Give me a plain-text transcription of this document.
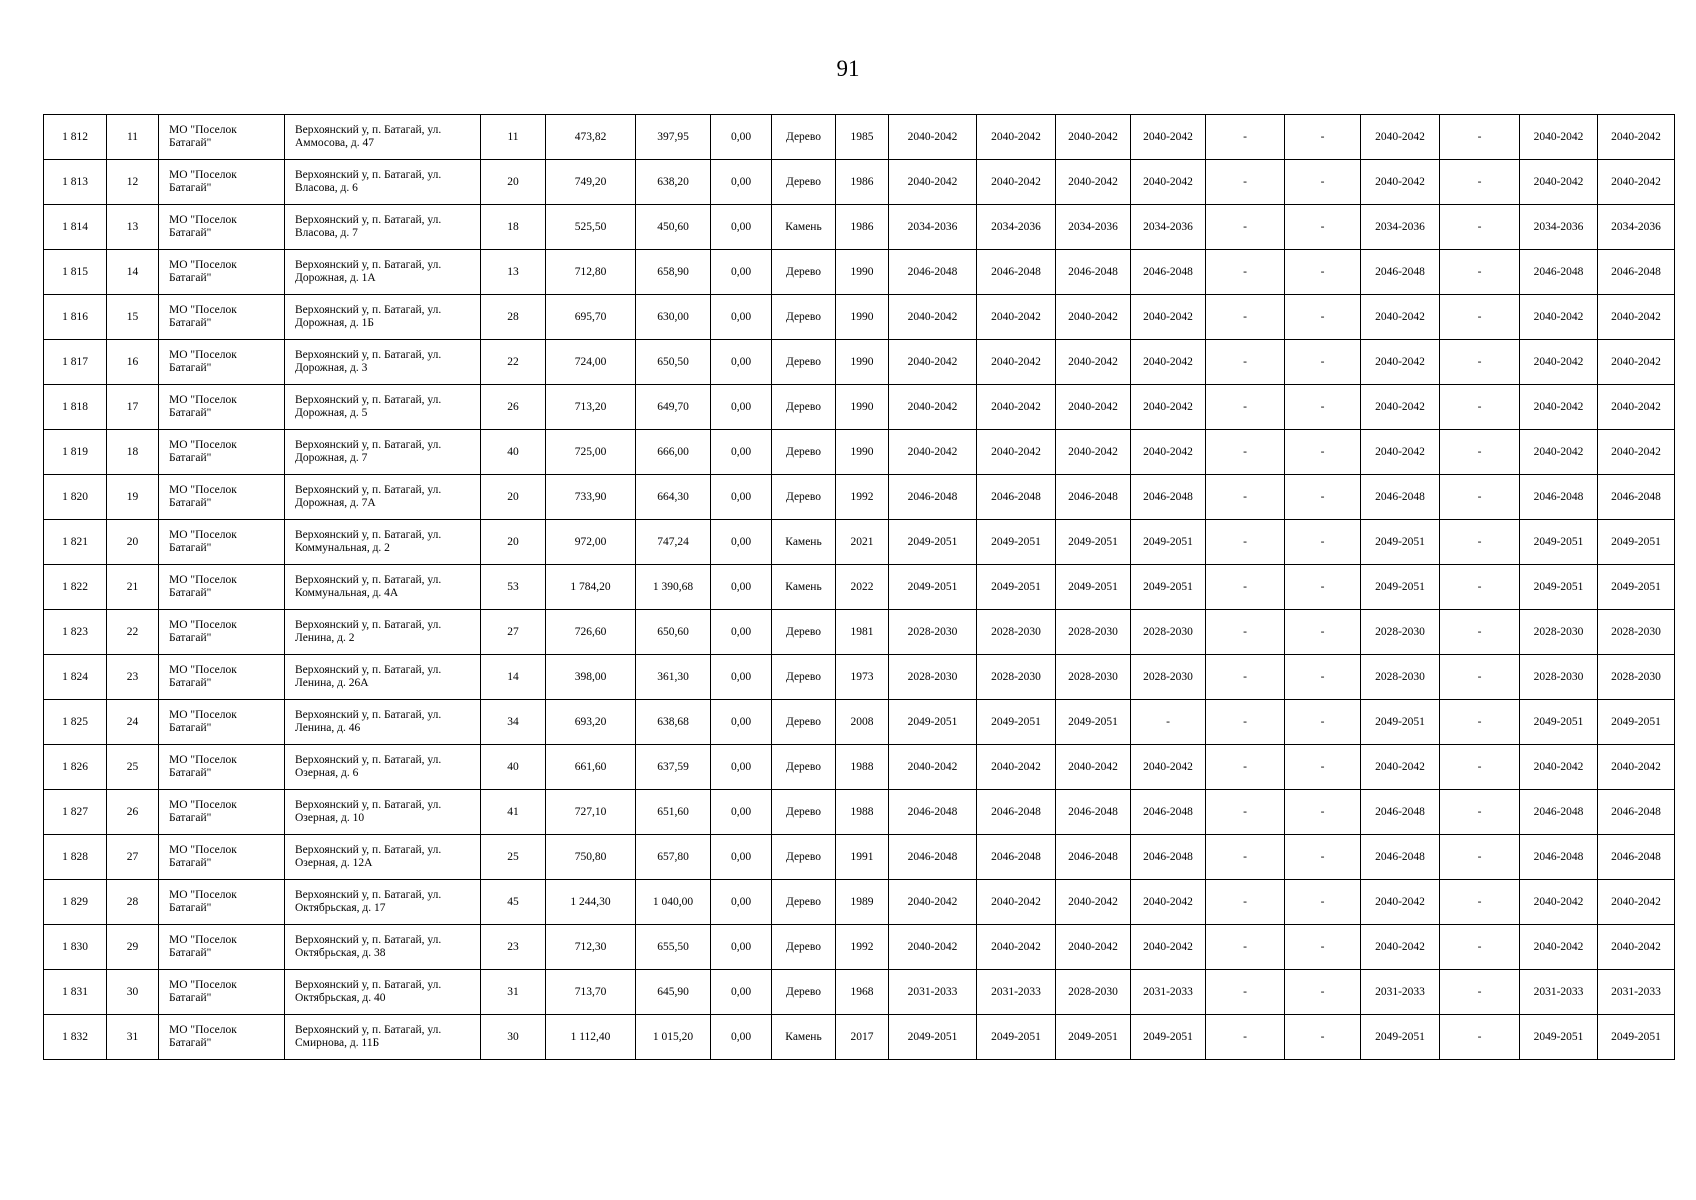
91
1 812	11	МО "Поселок Батагай"	Верхоянский у, п. Батагай, ул. Аммосова, д. 47	11	473,82	397,95	0,00	Дерево	1985	2040-2042	2040-2042	2040-2042	2040-2042	-	-	2040-2042	-	2040-2042	2040-2042
1 813	12	МО "Поселок Батагай"	Верхоянский у, п. Батагай, ул. Власова, д. 6	20	749,20	638,20	0,00	Дерево	1986	2040-2042	2040-2042	2040-2042	2040-2042	-	-	2040-2042	-	2040-2042	2040-2042
1 814	13	МО "Поселок Батагай"	Верхоянский у, п. Батагай, ул. Власова, д. 7	18	525,50	450,60	0,00	Камень	1986	2034-2036	2034-2036	2034-2036	2034-2036	-	-	2034-2036	-	2034-2036	2034-2036
1 815	14	МО "Поселок Батагай"	Верхоянский у, п. Батагай, ул. Дорожная, д. 1А	13	712,80	658,90	0,00	Дерево	1990	2046-2048	2046-2048	2046-2048	2046-2048	-	-	2046-2048	-	2046-2048	2046-2048
1 816	15	МО "Поселок Батагай"	Верхоянский у, п. Батагай, ул. Дорожная, д. 1Б	28	695,70	630,00	0,00	Дерево	1990	2040-2042	2040-2042	2040-2042	2040-2042	-	-	2040-2042	-	2040-2042	2040-2042
1 817	16	МО "Поселок Батагай"	Верхоянский у, п. Батагай, ул. Дорожная, д. 3	22	724,00	650,50	0,00	Дерево	1990	2040-2042	2040-2042	2040-2042	2040-2042	-	-	2040-2042	-	2040-2042	2040-2042
1 818	17	МО "Поселок Батагай"	Верхоянский у, п. Батагай, ул. Дорожная, д. 5	26	713,20	649,70	0,00	Дерево	1990	2040-2042	2040-2042	2040-2042	2040-2042	-	-	2040-2042	-	2040-2042	2040-2042
1 819	18	МО "Поселок Батагай"	Верхоянский у, п. Батагай, ул. Дорожная, д. 7	40	725,00	666,00	0,00	Дерево	1990	2040-2042	2040-2042	2040-2042	2040-2042	-	-	2040-2042	-	2040-2042	2040-2042
1 820	19	МО "Поселок Батагай"	Верхоянский у, п. Батагай, ул. Дорожная, д. 7А	20	733,90	664,30	0,00	Дерево	1992	2046-2048	2046-2048	2046-2048	2046-2048	-	-	2046-2048	-	2046-2048	2046-2048
1 821	20	МО "Поселок Батагай"	Верхоянский у, п. Батагай, ул. Коммунальная, д. 2	20	972,00	747,24	0,00	Камень	2021	2049-2051	2049-2051	2049-2051	2049-2051	-	-	2049-2051	-	2049-2051	2049-2051
1 822	21	МО "Поселок Батагай"	Верхоянский у, п. Батагай, ул. Коммунальная, д. 4А	53	1 784,20	1 390,68	0,00	Камень	2022	2049-2051	2049-2051	2049-2051	2049-2051	-	-	2049-2051	-	2049-2051	2049-2051
1 823	22	МО "Поселок Батагай"	Верхоянский у, п. Батагай, ул. Ленина, д. 2	27	726,60	650,60	0,00	Дерево	1981	2028-2030	2028-2030	2028-2030	2028-2030	-	-	2028-2030	-	2028-2030	2028-2030
1 824	23	МО "Поселок Батагай"	Верхоянский у, п. Батагай, ул. Ленина, д. 26А	14	398,00	361,30	0,00	Дерево	1973	2028-2030	2028-2030	2028-2030	2028-2030	-	-	2028-2030	-	2028-2030	2028-2030
1 825	24	МО "Поселок Батагай"	Верхоянский у, п. Батагай, ул. Ленина, д. 46	34	693,20	638,68	0,00	Дерево	2008	2049-2051	2049-2051	2049-2051	-	-	-	2049-2051	-	2049-2051	2049-2051
1 826	25	МО "Поселок Батагай"	Верхоянский у, п. Батагай, ул. Озерная, д. 6	40	661,60	637,59	0,00	Дерево	1988	2040-2042	2040-2042	2040-2042	2040-2042	-	-	2040-2042	-	2040-2042	2040-2042
1 827	26	МО "Поселок Батагай"	Верхоянский у, п. Батагай, ул. Озерная, д. 10	41	727,10	651,60	0,00	Дерево	1988	2046-2048	2046-2048	2046-2048	2046-2048	-	-	2046-2048	-	2046-2048	2046-2048
1 828	27	МО "Поселок Батагай"	Верхоянский у, п. Батагай, ул. Озерная, д. 12А	25	750,80	657,80	0,00	Дерево	1991	2046-2048	2046-2048	2046-2048	2046-2048	-	-	2046-2048	-	2046-2048	2046-2048
1 829	28	МО "Поселок Батагай"	Верхоянский у, п. Батагай, ул. Октябрьская, д. 17	45	1 244,30	1 040,00	0,00	Дерево	1989	2040-2042	2040-2042	2040-2042	2040-2042	-	-	2040-2042	-	2040-2042	2040-2042
1 830	29	МО "Поселок Батагай"	Верхоянский у, п. Батагай, ул. Октябрьская, д. 38	23	712,30	655,50	0,00	Дерево	1992	2040-2042	2040-2042	2040-2042	2040-2042	-	-	2040-2042	-	2040-2042	2040-2042
1 831	30	МО "Поселок Батагай"	Верхоянский у, п. Батагай, ул. Октябрьская, д. 40	31	713,70	645,90	0,00	Дерево	1968	2031-2033	2031-2033	2028-2030	2031-2033	-	-	2031-2033	-	2031-2033	2031-2033
1 832	31	МО "Поселок Батагай"	Верхоянский у, п. Батагай, ул. Смирнова, д. 11Б	30	1 112,40	1 015,20	0,00	Камень	2017	2049-2051	2049-2051	2049-2051	2049-2051	-	-	2049-2051	-	2049-2051	2049-2051
